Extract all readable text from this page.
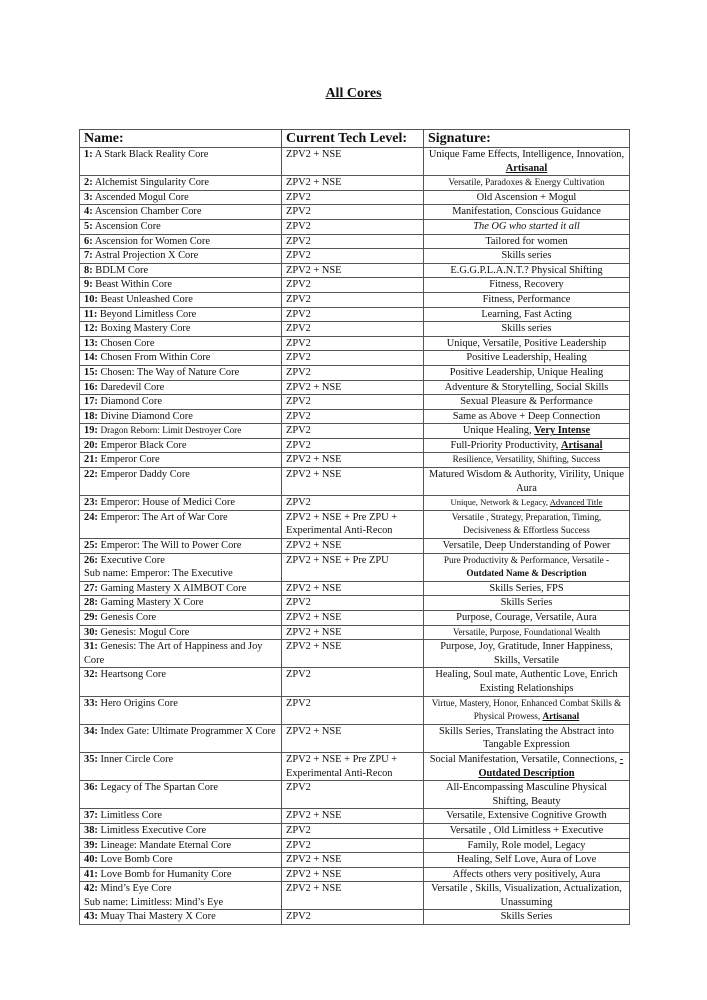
All Cores
Name:	Current Tech Level:	Signature:
1: A Stark Black Reality Core	ZPV2 + NSE	Unique Fame Effects, Intelligence, Innovation, Artisanal
2: Alchemist Singularity Core	ZPV2 + NSE	Versatile, Paradoxes & Energy Cultivation
3: Ascended Mogul Core	ZPV2	Old Ascension + Mogul
4: Ascension Chamber Core	ZPV2	Manifestation, Conscious Guidance
5: Ascension Core	ZPV2	The OG who started it all
6: Ascension for Women Core	ZPV2	Tailored for women
7: Astral Projection X Core	ZPV2	Skills series
8: BDLM Core	ZPV2 + NSE	E.G.G.P.L.A.N.T.? Physical Shifting
9: Beast Within Core	ZPV2	Fitness, Recovery
10: Beast Unleashed Core	ZPV2	Fitness, Performance
11: Beyond Limitless Core	ZPV2	Learning, Fast Acting
12: Boxing Mastery Core	ZPV2	Skills series
13: Chosen Core	ZPV2	Unique, Versatile, Positive Leadership
14: Chosen From Within Core	ZPV2	Positive Leadership, Healing
15: Chosen: The Way of Nature Core	ZPV2	Positive Leadership, Unique Healing
16: Daredevil Core	ZPV2 + NSE	Adventure & Storytelling, Social Skills
17: Diamond Core	ZPV2	Sexual Pleasure & Performance
18: Divine Diamond Core	ZPV2	Same as Above + Deep Connection
19: Dragon Reborn: Limit Destroyer Core	ZPV2	Unique Healing, Very Intense
20: Emperor Black Core	ZPV2	Full-Priority Productivity, Artisanal
21: Emperor Core	ZPV2 + NSE	Resilience, Versatility, Shifting, Success
22: Emperor Daddy Core	ZPV2 + NSE	Matured Wisdom & Authority, Virility, Unique Aura
23: Emperor: House of Medici Core	ZPV2	Unique, Network & Legacy, Advanced Title
24: Emperor: The Art of War Core	ZPV2 + NSE + Pre ZPU + Experimental Anti-Recon	Versatile , Strategy, Preparation, Timing, Decisiveness & Effortless Success
25: Emperor: The Will to Power Core	ZPV2 + NSE	Versatile, Deep Understanding of Power
26: Executive Core
Sub name: Emperor: The Executive	ZPV2 + NSE + Pre ZPU	Pure Productivity & Performance, Versatile - Outdated Name & Description
27: Gaming Mastery X AIMBOT Core	ZPV2 + NSE	Skills Series, FPS
28: Gaming Mastery X Core	ZPV2	Skills Series
29: Genesis Core	ZPV2 + NSE	Purpose, Courage, Versatile, Aura
30: Genesis: Mogul Core	ZPV2 + NSE	Versatile, Purpose, Foundational Wealth
31: Genesis: The Art of Happiness and Joy Core	ZPV2 + NSE	Purpose, Joy, Gratitude, Inner Happiness, Skills, Versatile
32: Heartsong Core	ZPV2	Healing, Soul mate, Authentic Love, Enrich Existing Relationships
33: Hero Origins Core	ZPV2	Virtue, Mastery, Honor, Enhanced Combat Skills & Physical Prowess, Artisanal
34: Index Gate: Ultimate Programmer X Core	ZPV2 + NSE	Skills Series, Translating the Abstract into Tangable Expression
35: Inner Circle Core	ZPV2 + NSE + Pre ZPU + Experimental Anti-Recon	Social Manifestation, Versatile, Connections, - Outdated Description
36: Legacy of The Spartan Core	ZPV2	All-Encompassing Masculine Physical Shifting, Beauty
37: Limitless Core	ZPV2 + NSE	Versatile, Extensive Cognitive Growth
38: Limitless Executive Core	ZPV2	Versatile , Old Limitless + Executive
39: Lineage: Mandate Eternal Core	ZPV2	Family, Role model, Legacy
40: Love Bomb Core	ZPV2 + NSE	Healing, Self Love, Aura of Love
41: Love Bomb for Humanity Core	ZPV2 + NSE	Affects others very positively, Aura
42: Mind’s Eye Core
Sub name: Limitless: Mind’s Eye	ZPV2 + NSE	Versatile , Skills, Visualization, Actualization, Unassuming
43: Muay Thai Mastery X Core	ZPV2	Skills Series
